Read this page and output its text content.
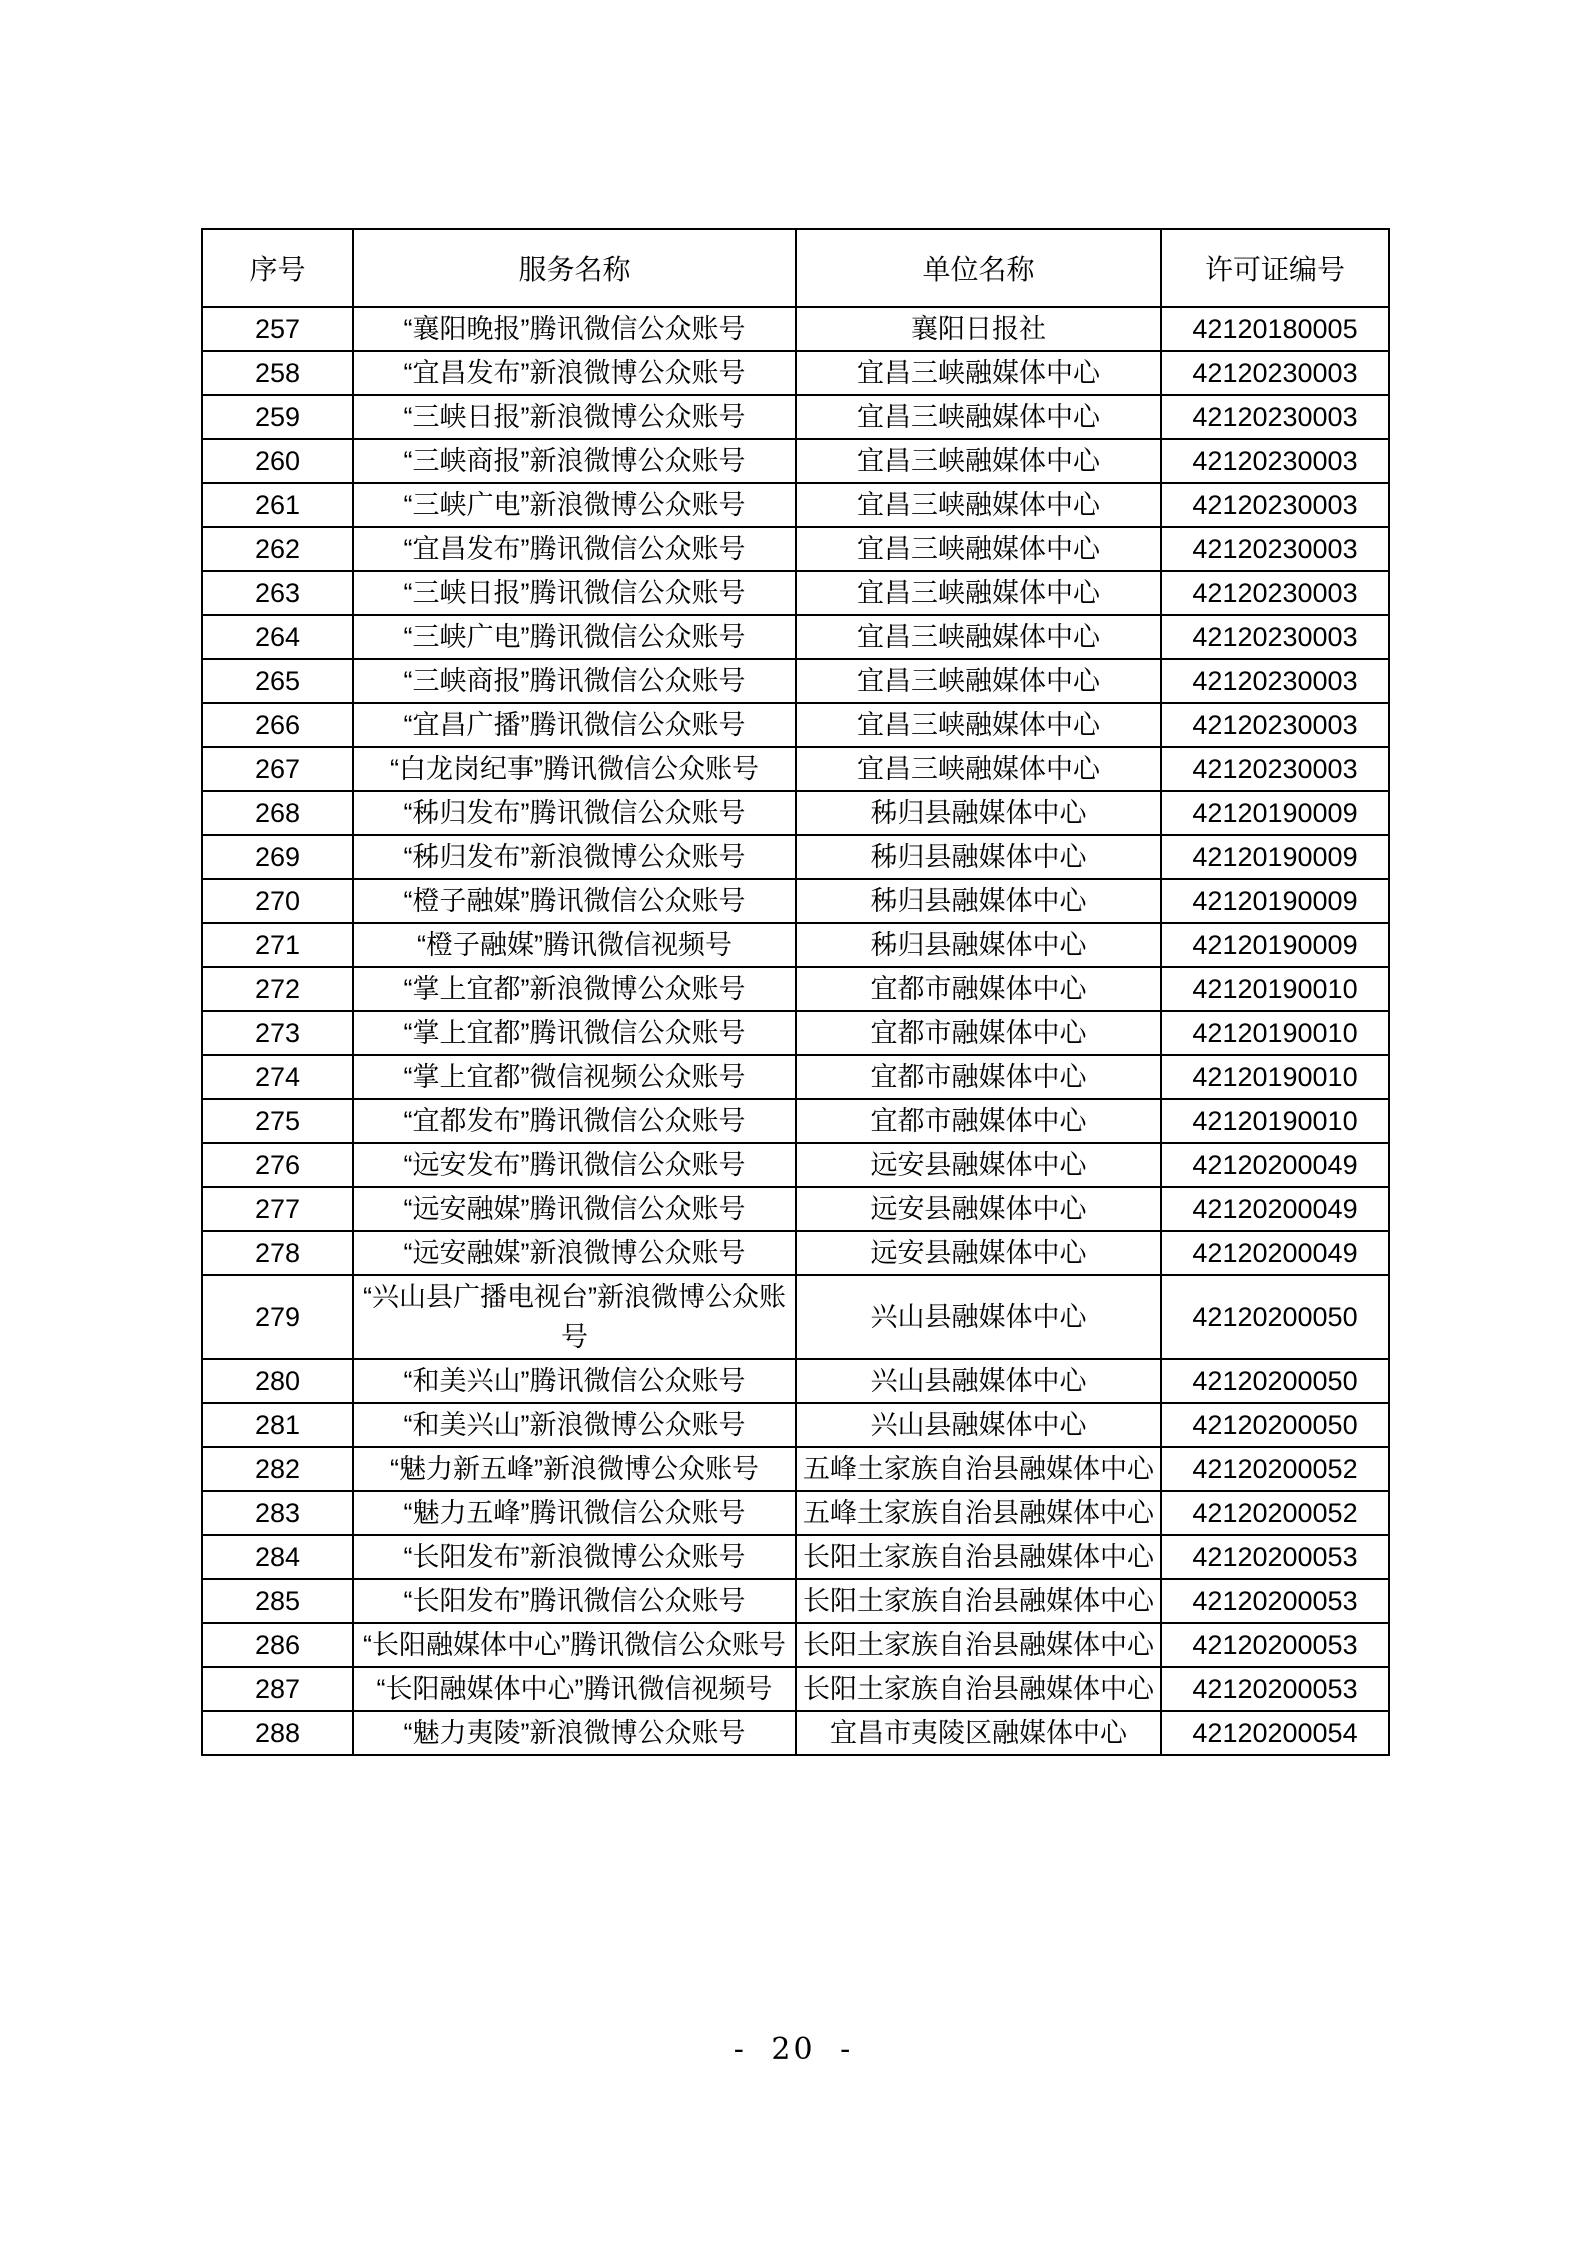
序号	服务名称	单位名称	许可证编号
257	“襄阳晚报”腾讯微信公众账号	襄阳日报社	42120180005
258	“宜昌发布”新浪微博公众账号	宜昌三峡融媒体中心	42120230003
259	“三峡日报”新浪微博公众账号	宜昌三峡融媒体中心	42120230003
260	“三峡商报”新浪微博公众账号	宜昌三峡融媒体中心	42120230003
261	“三峡广电”新浪微博公众账号	宜昌三峡融媒体中心	42120230003
262	“宜昌发布”腾讯微信公众账号	宜昌三峡融媒体中心	42120230003
263	“三峡日报”腾讯微信公众账号	宜昌三峡融媒体中心	42120230003
264	“三峡广电”腾讯微信公众账号	宜昌三峡融媒体中心	42120230003
265	“三峡商报”腾讯微信公众账号	宜昌三峡融媒体中心	42120230003
266	“宜昌广播”腾讯微信公众账号	宜昌三峡融媒体中心	42120230003
267	“白龙岗纪事”腾讯微信公众账号	宜昌三峡融媒体中心	42120230003
268	“秭归发布”腾讯微信公众账号	秭归县融媒体中心	42120190009
269	“秭归发布”新浪微博公众账号	秭归县融媒体中心	42120190009
270	“橙子融媒”腾讯微信公众账号	秭归县融媒体中心	42120190009
271	“橙子融媒”腾讯微信视频号	秭归县融媒体中心	42120190009
272	“掌上宜都”新浪微博公众账号	宜都市融媒体中心	42120190010
273	“掌上宜都”腾讯微信公众账号	宜都市融媒体中心	42120190010
274	“掌上宜都”微信视频公众账号	宜都市融媒体中心	42120190010
275	“宜都发布”腾讯微信公众账号	宜都市融媒体中心	42120190010
276	“远安发布”腾讯微信公众账号	远安县融媒体中心	42120200049
277	“远安融媒”腾讯微信公众账号	远安县融媒体中心	42120200049
278	“远安融媒”新浪微博公众账号	远安县融媒体中心	42120200049
279	“兴山县广播电视台”新浪微博公众账号	兴山县融媒体中心	42120200050
280	“和美兴山”腾讯微信公众账号	兴山县融媒体中心	42120200050
281	“和美兴山”新浪微博公众账号	兴山县融媒体中心	42120200050
282	“魅力新五峰”新浪微博公众账号	五峰土家族自治县融媒体中心	42120200052
283	“魅力五峰”腾讯微信公众账号	五峰土家族自治县融媒体中心	42120200052
284	“长阳发布”新浪微博公众账号	长阳土家族自治县融媒体中心	42120200053
285	“长阳发布”腾讯微信公众账号	长阳土家族自治县融媒体中心	42120200053
286	“长阳融媒体中心”腾讯微信公众账号	长阳土家族自治县融媒体中心	42120200053
287	“长阳融媒体中心”腾讯微信视频号	长阳土家族自治县融媒体中心	42120200053
288	“魅力夷陵”新浪微博公众账号	宜昌市夷陵区融媒体中心	42120200054
- 20 -
